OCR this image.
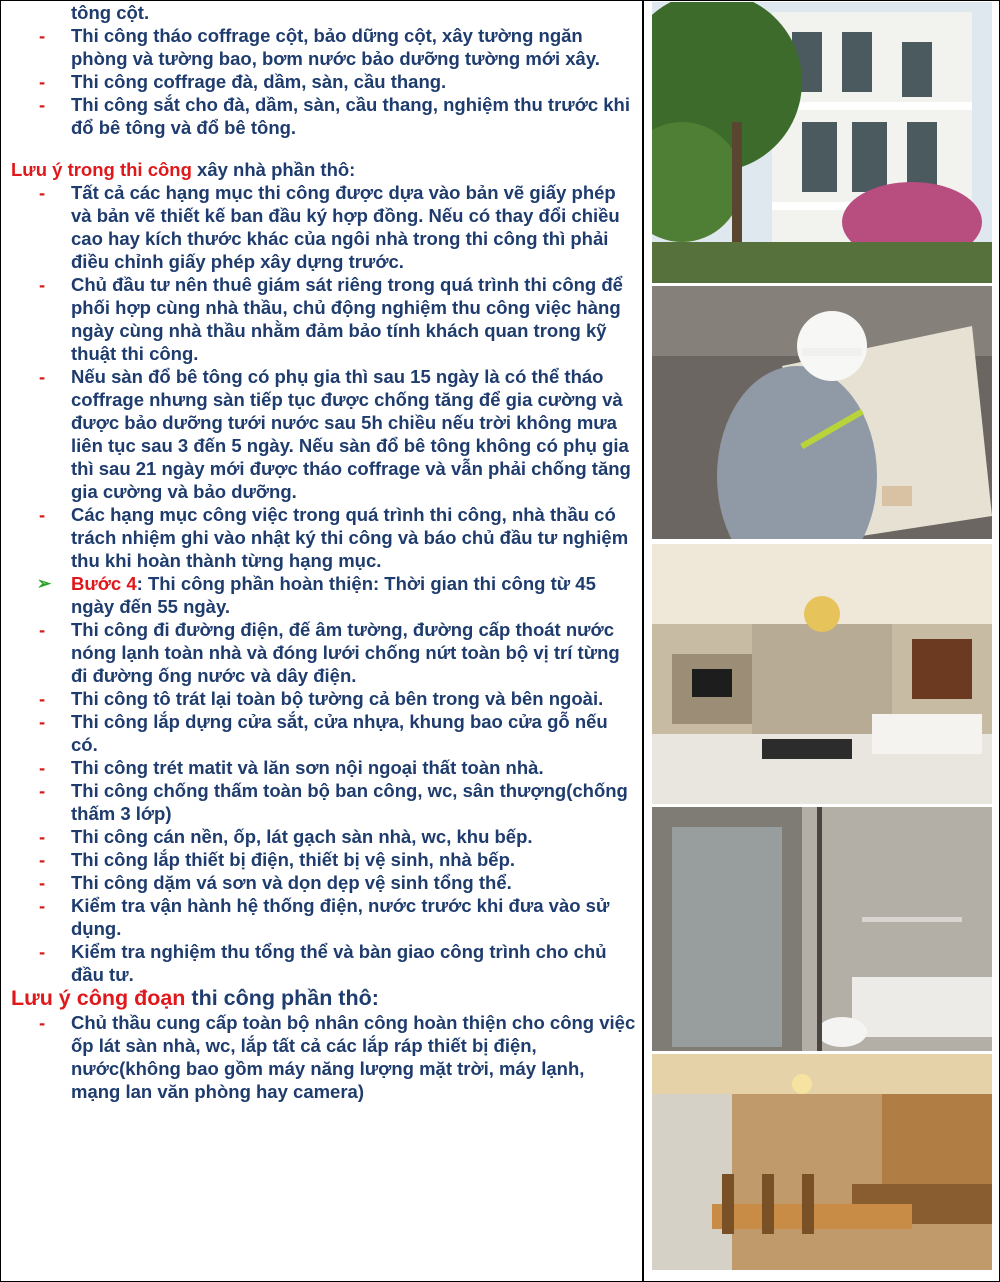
tông cột.
- Thi công tháo coffrage cột, bảo dững cột, xây tường ngăn phòng và tường bao, bơm nước bảo dưỡng tường mới xây.
- Thi công coffrage đà, dầm, sàn, cầu thang.
- Thi công sắt cho đà, dầm, sàn, cầu thang, nghiệm thu trước khi đổ bê tông và đổ bê tông.
Lưu ý trong thi công xây nhà phần thô:
- Tất cả các hạng mục thi công được dựa vào bản vẽ giấy phép và bản vẽ thiết kế ban đầu ký hợp đồng. Nếu có thay đổi chiều cao hay kích thước khác của ngôi nhà trong thi công thì phải điều chỉnh giấy phép xây dựng trước.
- Chủ đầu tư nên thuê giám sát riêng trong quá trình thi công để phối hợp cùng nhà thầu, chủ động nghiệm thu công việc hàng ngày cùng nhà thầu nhằm đảm bảo tính khách quan trong kỹ thuật thi công.
- Nếu sàn đổ bê tông có phụ gia thì sau 15 ngày là có thể tháo coffrage nhưng sàn tiếp tục được chống tăng để gia cường và được bảo dưỡng tưới nước sau 5h chiều nếu trời không mưa liên tục sau 3 đến 5 ngày. Nếu sàn đổ bê tông không có phụ gia thì sau 21 ngày mới được tháo coffrage và vẫn phải chống tăng gia cường và bảo dưỡng.
- Các hạng mục công việc trong quá trình thi công, nhà thầu có trách nhiệm ghi vào nhật ký thi công và báo chủ đầu tư nghiệm thu khi hoàn thành từng hạng mục.
➢ Bước 4: Thi công phần hoàn thiện: Thời gian thi công từ 45 ngày đến 55 ngày.
- Thi công đi đường điện, đế âm tường, đường cấp thoát nước nóng lạnh toàn nhà và đóng lưới chống nứt toàn bộ vị trí từng đi đường ống nước và dây điện.
- Thi công tô trát lại toàn bộ tường cả bên trong và bên ngoài.
- Thi công lắp dựng cửa sắt, cửa nhựa, khung bao cửa gỗ nếu có.
- Thi công trét matit và lăn sơn nội ngoại thất toàn nhà.
- Thi công chống thấm toàn bộ ban công, wc, sân thượng(chống thấm 3 lớp)
- Thi công cán nền, ốp, lát gạch sàn nhà, wc, khu bếp.
- Thi công lắp thiết bị điện, thiết bị vệ sinh, nhà bếp.
- Thi công dặm vá sơn và dọn dẹp vệ sinh tổng thể.
- Kiểm tra vận hành hệ thống điện, nước trước khi đưa vào sử dụng.
- Kiểm tra nghiệm thu tổng thể và bàn giao công trình cho chủ đầu tư.
Lưu ý công đoạn thi công phần thô:
- Chủ thầu cung cấp toàn bộ nhân công hoàn thiện cho công việc ốp lát sàn nhà, wc, lắp tất cả các lắp ráp thiết bị điện, nước(không bao gồm máy năng lượng mặt trời, máy lạnh, mạng lan văn phòng hay camera)
